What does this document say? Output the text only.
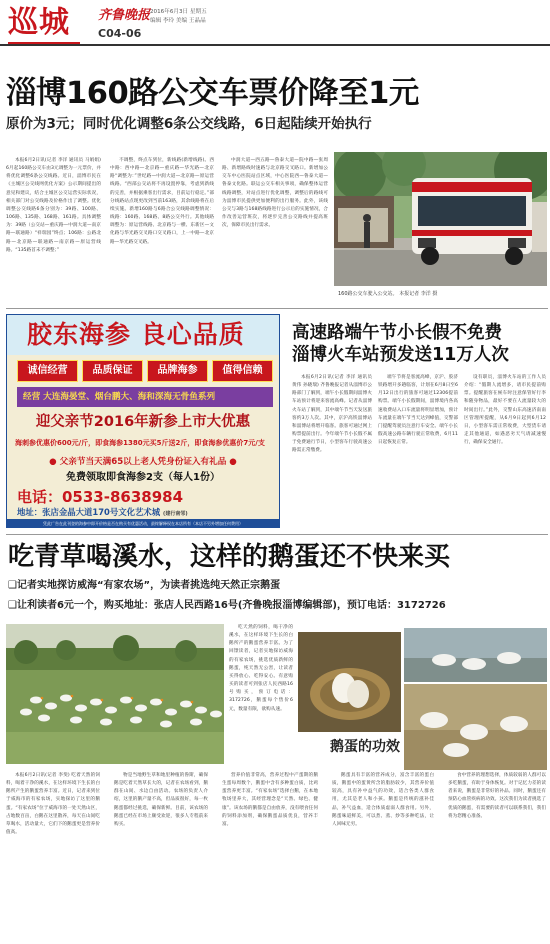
巡城 齐鲁晚报 2016年6月3日 星期五
编辑 李玲 美编 王晶晶
C04-06
淄博160路公交车票价降至1元
原价为3元；同时优化调整6条公交线路，6日起陆续开始执行

本报6月2日讯(记者 李洋 通讯员 马娟娟) 6月起160路公交车由3元调整为一元票价，并将优化调整6条公交线路。近日，淄博市民在《主城区公交线网优化方案》公示期间提出的意见和建议，结合主城区公交运营实际状况，相关部门对公交线路及价格作出了调整。优化调整公交线路6条分别为：39路、100路、106路、135路、168路、161路。具体调整为：39路（公交站—重庆路—中润大道—南京路—联通路）“祥瑞园”终点；106路：公路北路—北京路—联通路—南京路—原运营线路。“135路首末不调整；”

不调整，终点车到位，新线路(新增线路)。西中路：西中路—北京路—重庆路—华光路—北京路“调整为：”世纪路—中润大道—北京路—原运营线路。“西部公交站将不再设置停靠，考虑到新线的完善，并根据乘客出行需求，目前运行稳定。”部分线路站点现更改到当前163路，其余线路将在后续实施。新增160路与6路合公交线路调整情况：线路：160路、168路、8路公交外行。其他线路调整为：原运营线路、北京路与一横、东新区—文化路与华光路交叉路口交叉路口，上一中路—北京路—华光路交叉路。

中润大道—西五路—鲁泰大道—院中路—张周路、新增路线时速路与北京路交叉路口。新增加公交车中心医院站点区域，中心医院西—鲁泰大道—鲁泰文化路。联运公交车相关事项，确保整体运营线路调整，对站点进行优化调整，调整后的路线可为淄博市民提供更加便利的出行服务。此外，该线公交与3路与168路线路进行公示后的实施情况，合作改善运营班次，将逐步完善公交路线并提高班次，保障市民出行需求。

160路公交车驶入公交站。 本报记者 李洋 摄
胶东海参 良心品质
诚信经营	品质保证	品牌海参	值得信赖
经营 大连海晏堂、烟台鹏大、海和深海无骨鱼系列
迎父亲节2016年新参上市大优惠
海刺参优惠价600元/斤，即食海参1380元买5斤送2斤，即食海参优惠价7元/支
● 父亲节当天满65以上老人凭身份证入有礼品 ●
免费领取即食海参2支（每人1份）
电话：0533-8638984
地址：张店金晶大道170号文化艺术城 (建行南邻)
凭此广告在此刊登的海参中即开价格是否在购买有优惠活动，最终解释权在本店所有（本店不另外增加任何费用）
高速路端午节小长假不免费
淄博火车站预发送11万人次

本报6月2日讯(记者 李洋 通讯员 黄伟 孙晓瑞) 齐鲁晚报记者从淄博市公路部门了解到，端午小长假期间淄博火车站预计将迎来客流高峰。记者从淄博火车站了解到，其中端午节当天发送旅客约3万人次。其中，京沪高铁淄博站和淄博站将增开临客。旅客可通过网上购票提前出行。今年端午节小长假不属于免费通行节日，小型客车行驶高速公路需正常缴费。

端午节将是客流高峰，京沪、胶济铁路增开多趟临客，计划在6月8日至6月12日出行的旅客可通过12306提前购票。端午小长假期间，淄博境内各高速收费站入口车流量将明显增加，预计车流量在端午节当天达到峰值，交警部门提醒驾驶员注意行车安全。端午小长假高速公路车辆行驶正常收费，6月11日起恢复正常。

设有职员，淄博火车站的工作人员介绍：“假期人流增多，请市民提前购票。提醒旅客在候车时注意保管好行李和随身物品，最好不要在人流量较大的时间出行。”此外，交警山东高速济南南区管理所提醒，从6月9日起到6月12日，小型客车需正常收费，大型货车请走其他通道，如遇恶劣天气请减速慢行，确保安全通行。

吃青草喝溪水，这样的鹅蛋还不快来买
❑记者实地探访威海“有家农场”，为读者挑选纯天然正宗鹅蛋
❑让利读者6元一个，购买地址：张店人民西路16号(齐鲁晚报淄博编辑部)，预订电话：3172726

吃天然的饲料，喝干净的溪水，在这样环境下生长的白鹅所产的鹅蛋营养丰富。为了回馈读者，记者实地探访威海的有家农场，挑选优质新鲜的鹅蛋，纯天然无公害，让读者买得放心、吃得安心。有意购买的读者可到张店人民西路16号购买，预订电话：3172726，鹅蛋每个售价6元，数量有限，欲购从速。

鹅蛋的功效

本报6月2日讯(记者 李斐) 吃着天然的饲料，喝着干净的溪水，在这样环境下生长的白鹅所产生的鹅蛋营养丰富。近日，记者来到位于威海市的有家农场，实地探访了这里的鹅蛋。“有家农场”位于威海市的一处天然山区，占地数百亩，白鹅在这里散养，每天在山间吃草喝水，活动量大，它们下的鹅蛋更是营养价值高。

物是当地野生草和地里种植的鲁斯，确保鹅是吃着天然草长大的，记者在农场看到，鹅群在山间、水边自由活动。农场的负责人介绍，这里的鹅产量不高，但品质很好，每一枚鹅蛋都经过挑选，确保新鲜。目前，该农场的鹅蛋已经在市场上颇受欢迎，很多人专程前来购买。

营养价值非常高，营养过程中产蛋期的鹅生蛋每周数个，鹅蛋中含有多种蛋白质，比鸡蛋营养更丰富。“有家农场”选择白鹅，在本地牧场里养大，其经营理念是“天然、绿色、健康”。该农场的鹅都是自由放养，没有喂食任何的饲料添加剂，确保鹅蛋品质优良，营养丰富。

鹅蛋具有丰富的营养成分，富含丰富的蛋白质，鹅蛋中的蛋黄所含的脂肪较少，其营养价值较高，具有补中益气的功效，适合各类人群食用，尤其是老人和小孩。鹅蛋是传统的滋补佳品，补气益血，适合体质虚弱人群食用。另外，鹅蛋味道鲜美，可以煮、蒸、炒等多种吃法，让人回味无穷。

食中营养的理想选择，体质较弱的人群可以多吃鹅蛋，有助于身体恢复。对于记忆力差的读者来说，鹅蛋是非常好的补品。同时，鹅蛋还有预防心血管疾病的功效。这次我们为读者挑选了优质的鹅蛋，有需要的读者可以联系我们，我们将为您精心准备。
